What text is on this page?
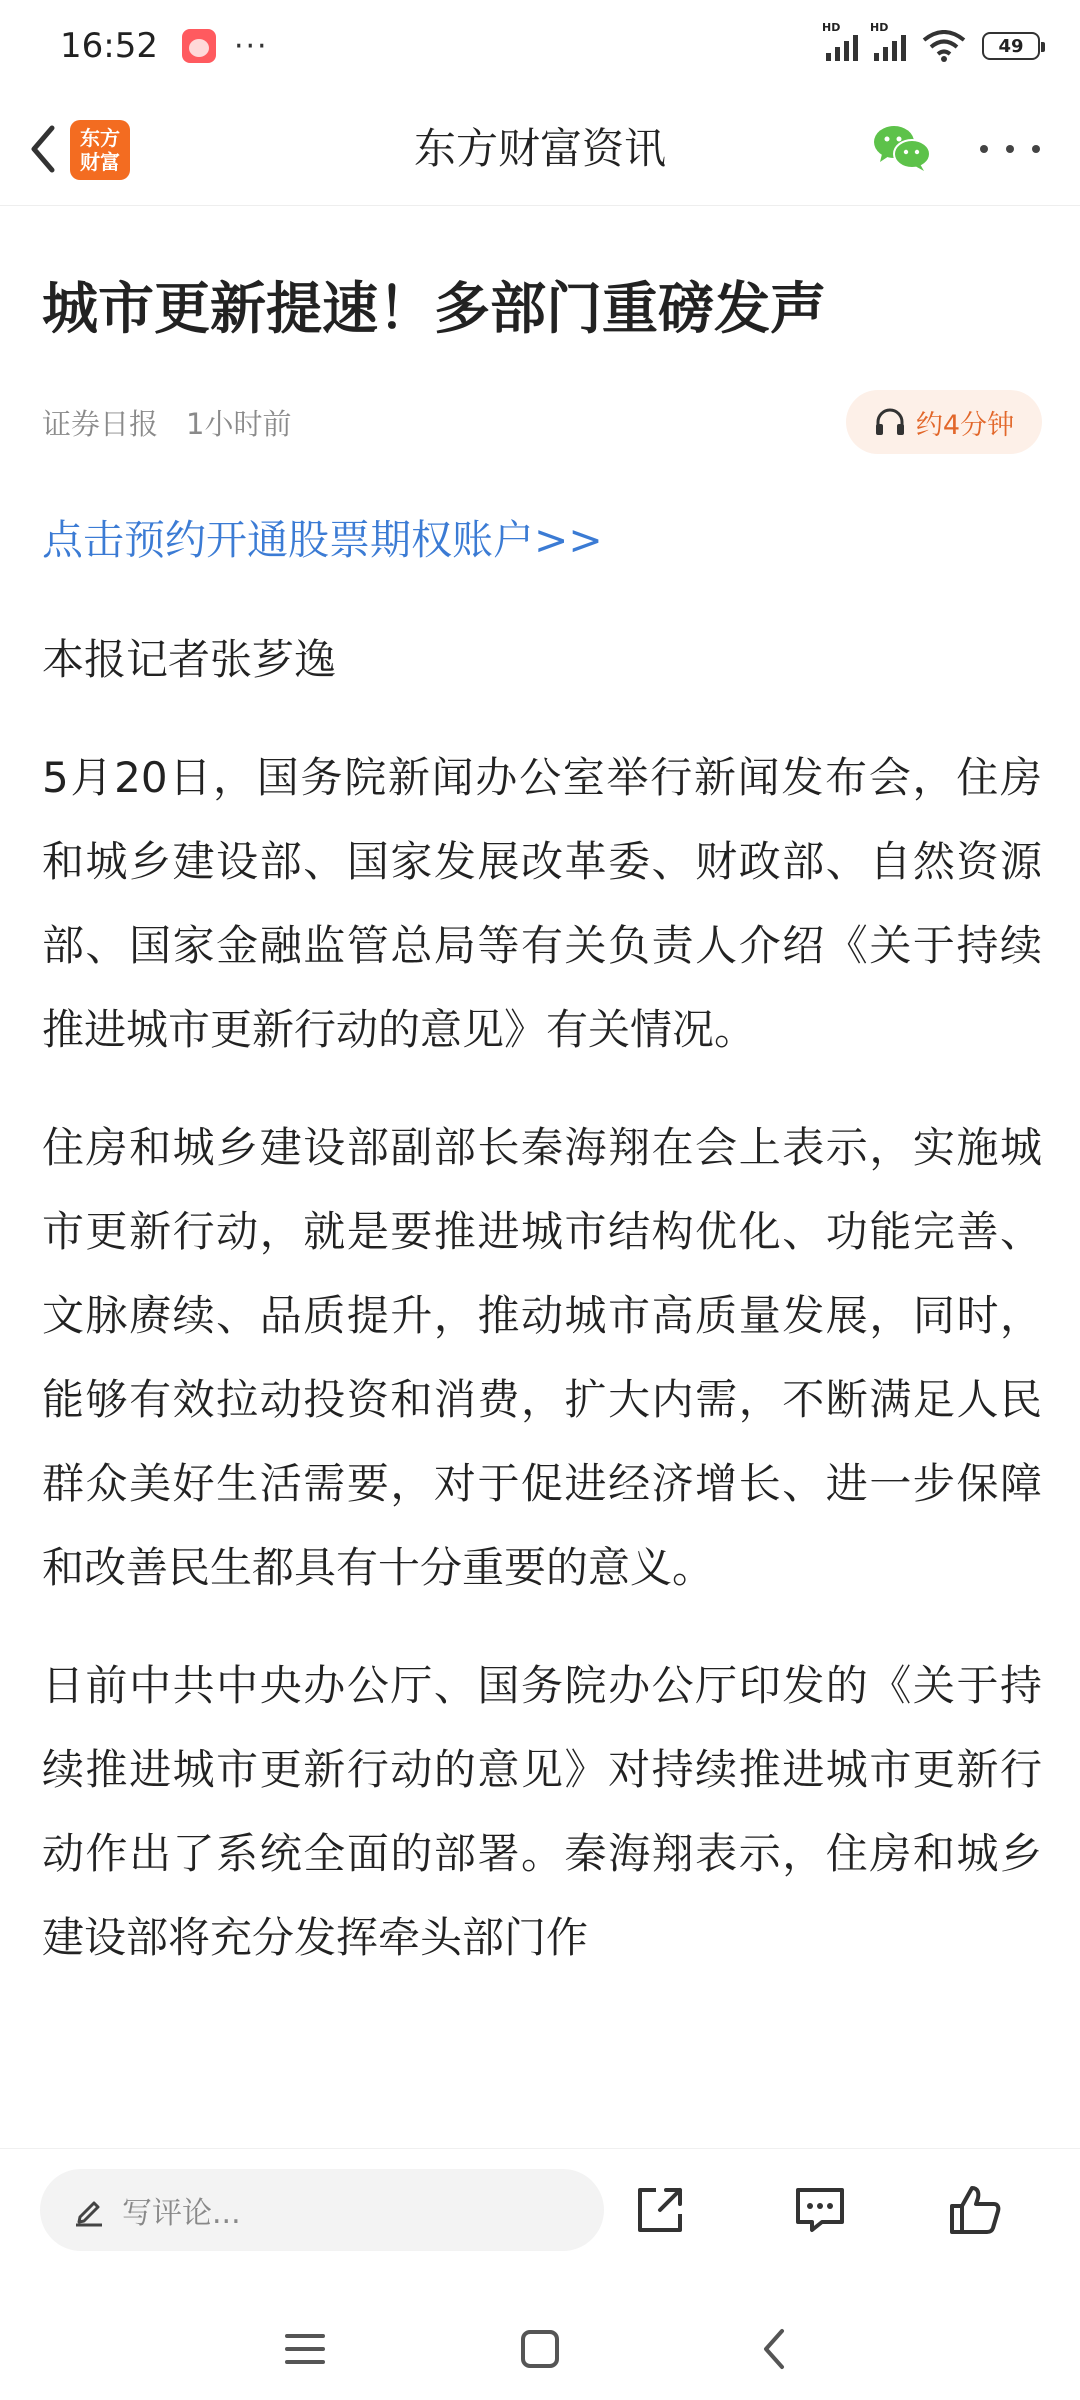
16:52	···
HD	HD
49
东方
财富	东方财富资讯
城市更新提速！多部门重磅发声
证券日报 1小时前	约4分钟
点击预约开通股票期权账户>>

本报记者张芗逸

5月20日，国务院新闻办公室举行新闻发布会，住房和城乡建设部、国家发展改革委、财政部、自然资源部、国家金融监管总局等有关负责人介绍《关于持续推进城市更新行动的意见》有关情况。

住房和城乡建设部副部长秦海翔在会上表示，实施城市更新行动，就是要推进城市结构优化、功能完善、文脉赓续、品质提升，推动城市高质量发展，同时，能够有效拉动投资和消费，扩大内需，不断满足人民群众美好生活需要，对于促进经济增长、进一步保障和改善民生都具有十分重要的意义。

日前中共中央办公厅、国务院办公厅印发的《关于持续推进城市更新行动的意见》对持续推进城市更新行动作出了系统全面的部署。秦海翔表示，住房和城乡建设部将充分发挥牵头部门作

写评论...
